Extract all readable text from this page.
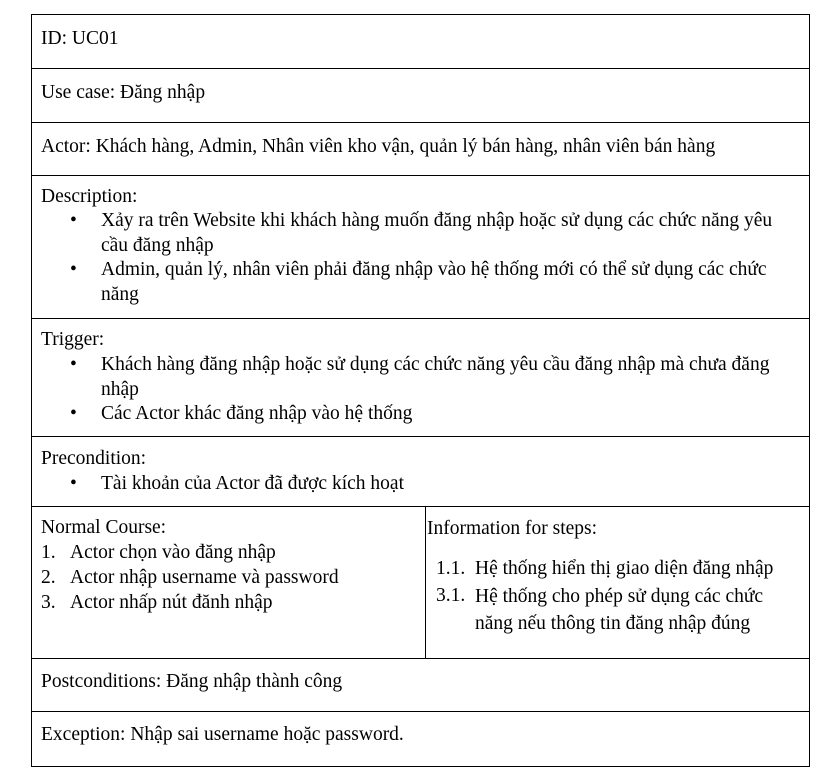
ID: UC01
Use case: Đăng nhập
Actor: Khách hàng, Admin, Nhân viên kho vận, quản lý bán hàng, nhân viên bán hàng
Description:
• Xảy ra trên Website khi khách hàng muốn đăng nhập hoặc sử dụng các chức năng yêu cầu đăng nhập
• Admin, quản lý, nhân viên phải đăng nhập vào hệ thống mới có thể sử dụng các chức năng
Trigger:
• Khách hàng đăng nhập hoặc sử dụng các chức năng yêu cầu đăng nhập mà chưa đăng nhập
• Các Actor khác đăng nhập vào hệ thống
Precondition:
• Tài khoản của Actor đã được kích hoạt
Normal Course:
1. Actor chọn vào đăng nhập
2. Actor nhập username và password
3. Actor nhấp nút đănh nhập
Information for steps:
1.1. Hệ thống hiển thị giao diện đăng nhập
3.1. Hệ thống cho phép sử dụng các chức năng nếu thông tin đăng nhập đúng
Postconditions: Đăng nhập thành công
Exception: Nhập sai username hoặc password.
